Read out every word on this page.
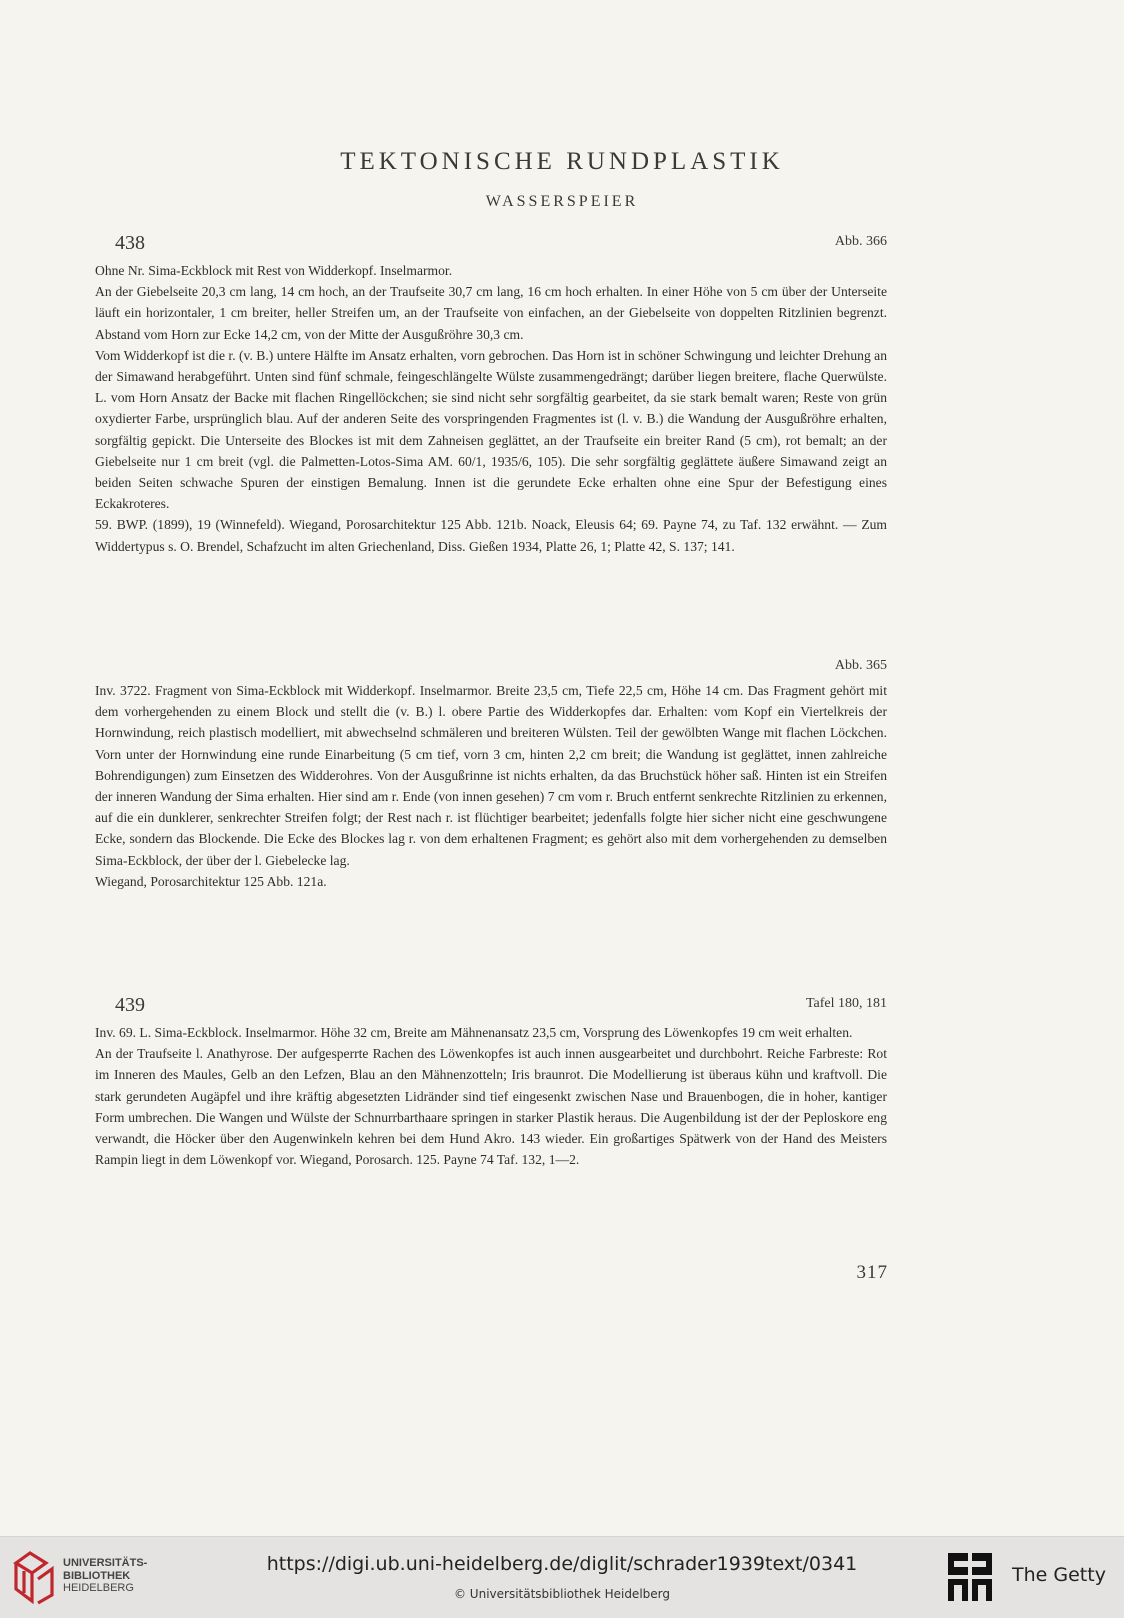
TEKTONISCHE RUNDPLASTIK
WASSERSPEIER
438	Abb. 366

Ohne Nr. Sima-Eckblock mit Rest von Widderkopf. Inselmarmor.

An der Giebelseite 20,3 cm lang, 14 cm hoch, an der Traufseite 30,7 cm lang, 16 cm hoch erhalten. In einer Höhe von 5 cm über der Unterseite läuft ein horizontaler, 1 cm breiter, heller Streifen um, an der Traufseite von einfachen, an der Giebelseite von doppelten Ritzlinien begrenzt. Abstand vom Horn zur Ecke 14,2 cm, von der Mitte der Ausgußröhre 30,3 cm.

Vom Widderkopf ist die r. (v. B.) untere Hälfte im Ansatz erhalten, vorn gebrochen. Das Horn ist in schöner Schwingung und leichter Drehung an der Simawand herabgeführt. Unten sind fünf schmale, feingeschlängelte Wülste zusammengedrängt; darüber liegen breitere, flache Querwülste. L. vom Horn Ansatz der Backe mit flachen Ringellöckchen; sie sind nicht sehr sorgfältig gearbeitet, da sie stark bemalt waren; Reste von grün oxydierter Farbe, ursprünglich blau. Auf der anderen Seite des vorspringenden Fragmentes ist (l. v. B.) die Wandung der Ausgußröhre erhalten, sorgfältig gepickt. Die Unterseite des Blockes ist mit dem Zahneisen geglättet, an der Traufseite ein breiter Rand (5 cm), rot bemalt; an der Giebelseite nur 1 cm breit (vgl. die Palmetten-Lotos-Sima AM. 60/1, 1935/6, 105). Die sehr sorgfältig geglättete äußere Simawand zeigt an beiden Seiten schwache Spuren der einstigen Bemalung. Innen ist die gerundete Ecke erhalten ohne eine Spur der Befestigung eines Eckakroteres.

59. BWP. (1899), 19 (Winnefeld). Wiegand, Porosarchitektur 125 Abb. 121b. Noack, Eleusis 64; 69. Payne 74, zu Taf. 132 erwähnt. — Zum Widdertypus s. O. Brendel, Schafzucht im alten Griechenland, Diss. Gießen 1934, Platte 26, 1; Platte 42, S. 137; 141.

Abb. 365

Inv. 3722. Fragment von Sima-Eckblock mit Widderkopf. Inselmarmor. Breite 23,5 cm, Tiefe 22,5 cm, Höhe 14 cm. Das Fragment gehört mit dem vorhergehenden zu einem Block und stellt die (v. B.) l. obere Partie des Widderkopfes dar. Erhalten: vom Kopf ein Viertelkreis der Hornwindung, reich plastisch modelliert, mit abwechselnd schmäleren und breiteren Wülsten. Teil der gewölbten Wange mit flachen Löckchen. Vorn unter der Hornwindung eine runde Einarbeitung (5 cm tief, vorn 3 cm, hinten 2,2 cm breit; die Wandung ist geglättet, innen zahlreiche Bohrendigungen) zum Einsetzen des Widderohres. Von der Ausgußrinne ist nichts erhalten, da das Bruchstück höher saß. Hinten ist ein Streifen der inneren Wandung der Sima erhalten. Hier sind am r. Ende (von innen gesehen) 7 cm vom r. Bruch entfernt senkrechte Ritzlinien zu erkennen, auf die ein dunklerer, senkrechter Streifen folgt; der Rest nach r. ist flüchtiger bearbeitet; jedenfalls folgte hier sicher nicht eine geschwungene Ecke, sondern das Blockende. Die Ecke des Blockes lag r. von dem erhaltenen Fragment; es gehört also mit dem vorhergehenden zu demselben Sima-Eckblock, der über der l. Giebelecke lag.

Wiegand, Porosarchitektur 125 Abb. 121a.

439	Tafel 180, 181

Inv. 69. L. Sima-Eckblock. Inselmarmor. Höhe 32 cm, Breite am Mähnenansatz 23,5 cm, Vorsprung des Löwenkopfes 19 cm weit erhalten.

An der Traufseite l. Anathyrose. Der aufgesperrte Rachen des Löwenkopfes ist auch innen ausgearbeitet und durchbohrt. Reiche Farbreste: Rot im Inneren des Maules, Gelb an den Lefzen, Blau an den Mähnenzotteln; Iris braunrot. Die Modellierung ist überaus kühn und kraftvoll. Die stark gerundeten Augäpfel und ihre kräftig abgesetzten Lidränder sind tief eingesenkt zwischen Nase und Brauenbogen, die in hoher, kantiger Form umbrechen. Die Wangen und Wülste der Schnurrbarthaare springen in starker Plastik heraus. Die Augenbildung ist der der Peploskore eng verwandt, die Höcker über den Augenwinkeln kehren bei dem Hund Akro. 143 wieder. Ein großartiges Spätwerk von der Hand des Meisters Rampin liegt in dem Löwenkopf vor. Wiegand, Porosarch. 125. Payne 74 Taf. 132, 1—2.

317
UNIVERSITÄTS-
BIBLIOTHEK
HEIDELBERG
https://digi.ub.uni-heidelberg.de/diglit/schrader1939text/0341
© Universitätsbibliothek Heidelberg
The Getty
